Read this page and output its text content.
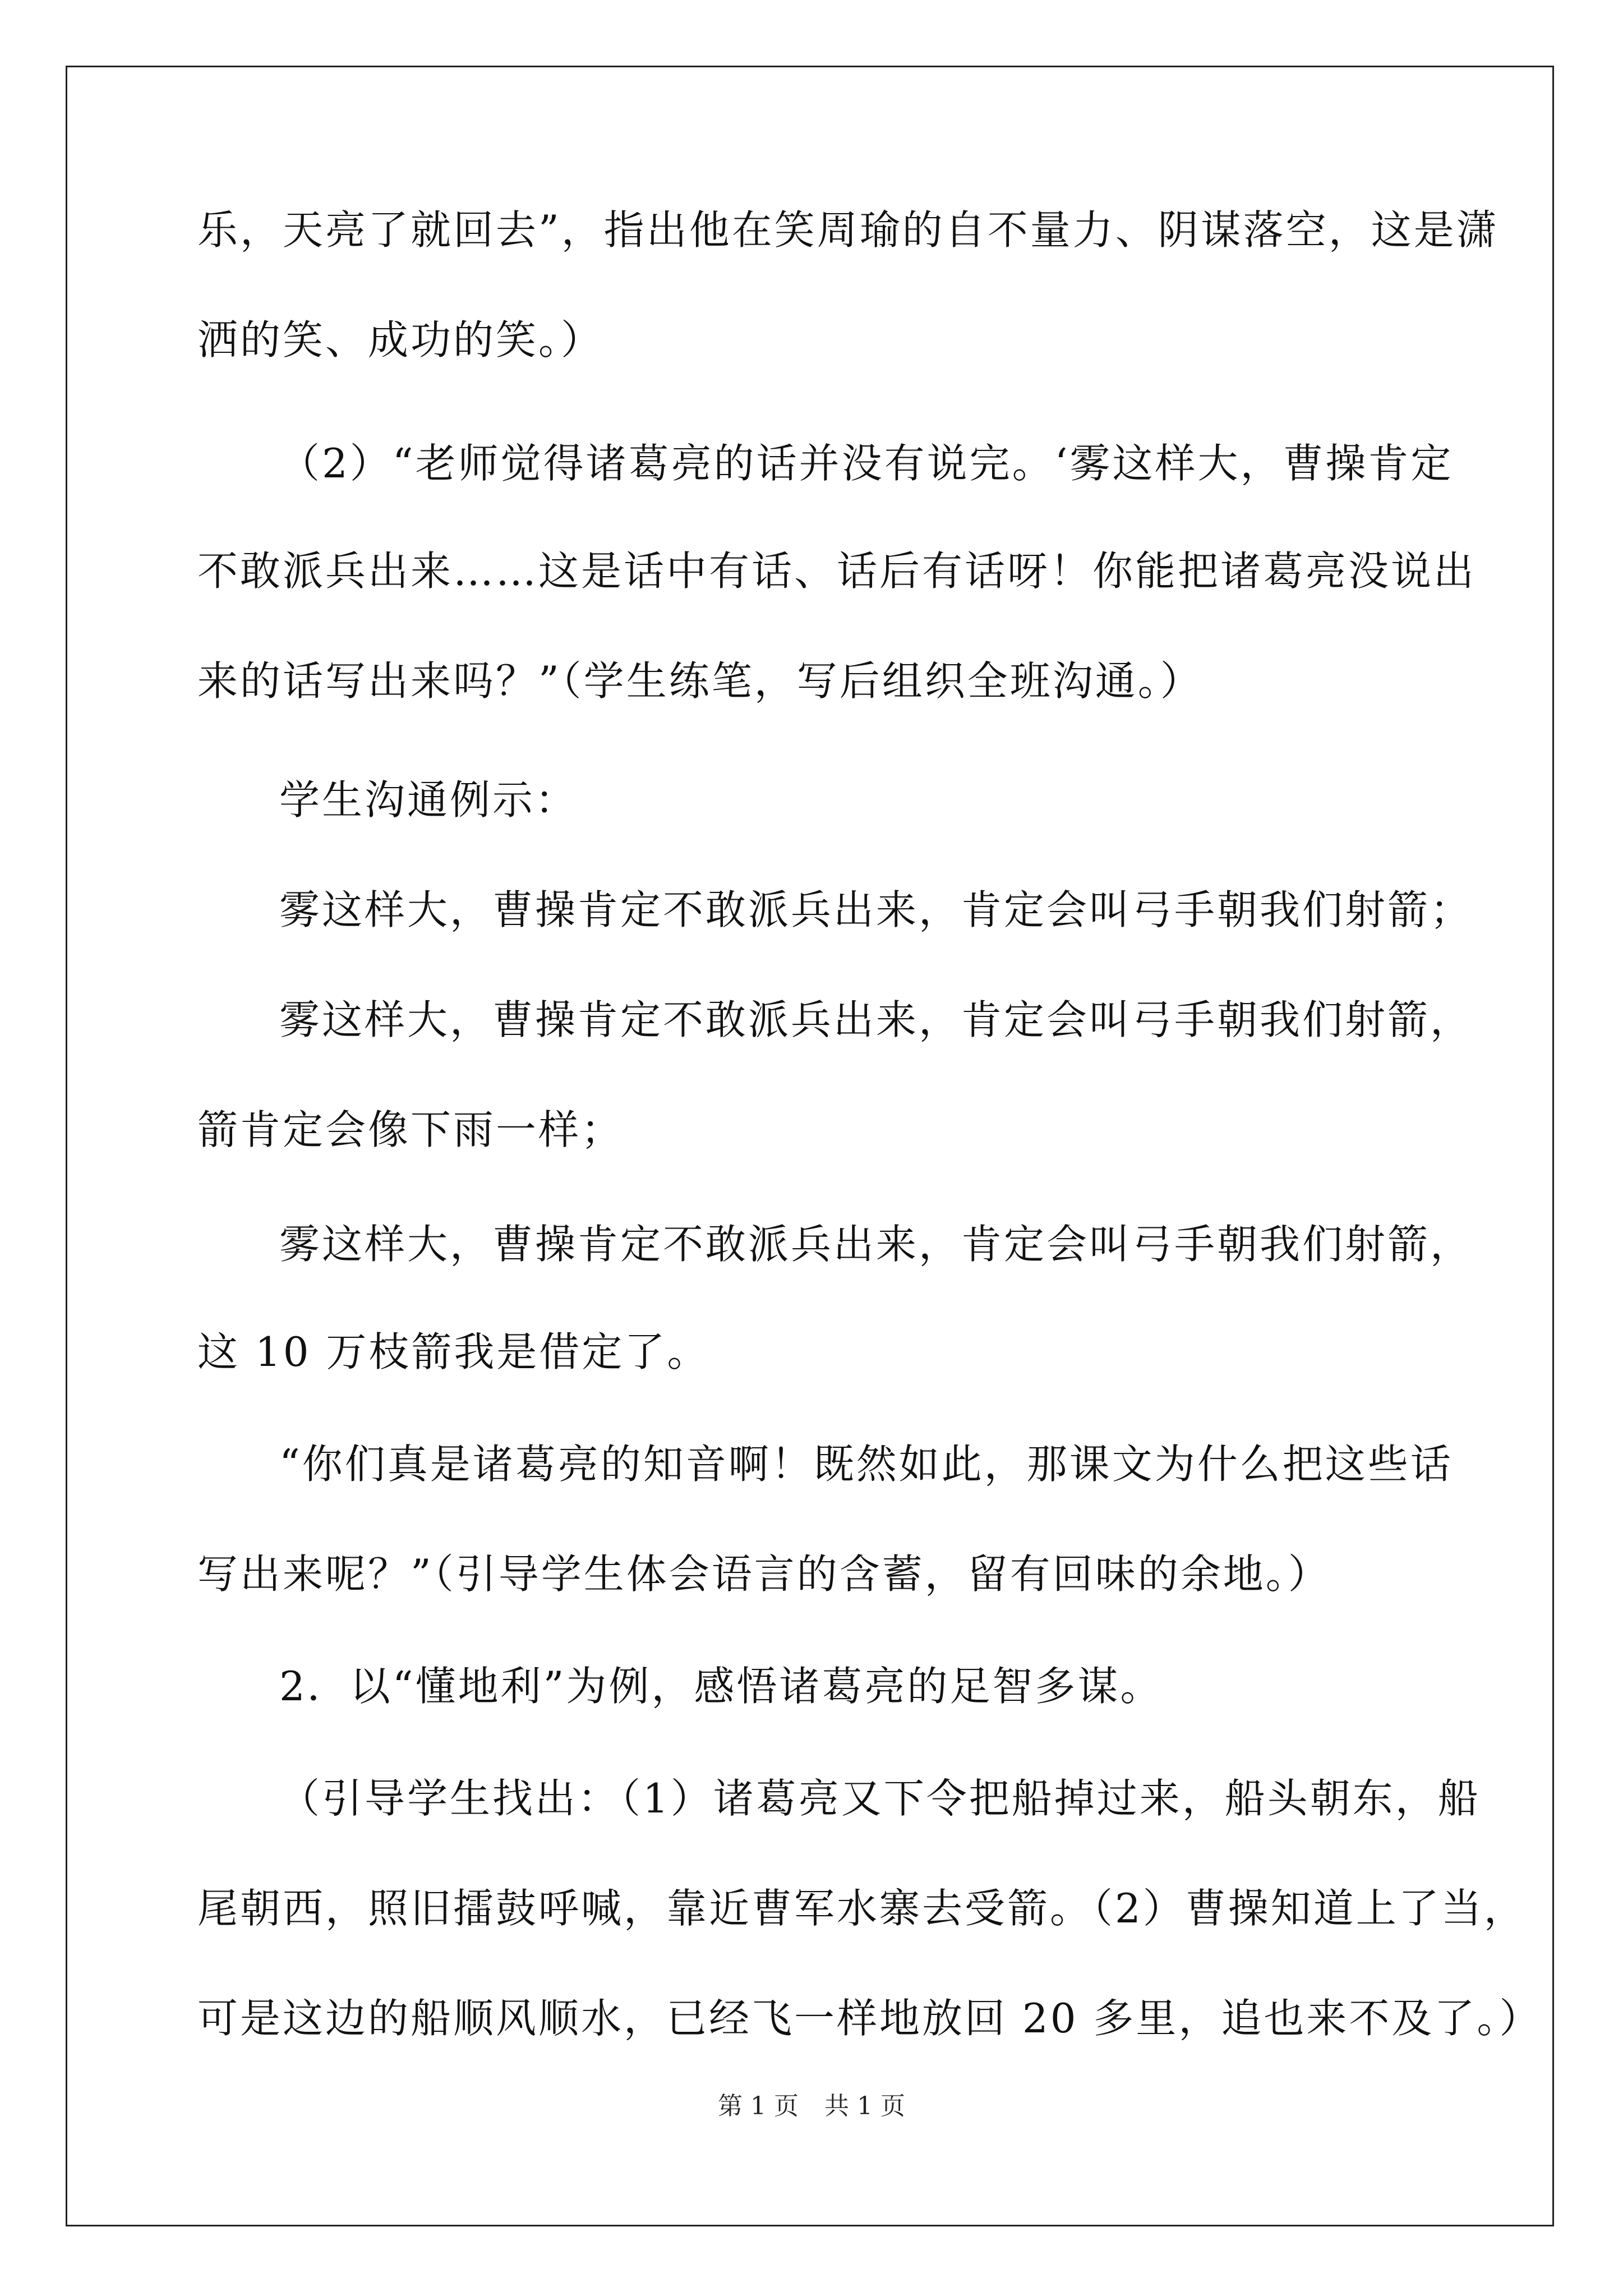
乐，天亮了就回去”，指出他在笑周瑜的自不量力、阴谋落空，这是潇
洒的笑、成功的笑。）
（2）“老师觉得诸葛亮的话并没有说完。‘雾这样大，曹操肯定
不敢派兵出来……这是话中有话、话后有话呀！你能把诸葛亮没说出
来的话写出来吗？”（学生练笔，写后组织全班沟通。）
学生沟通例示：
雾这样大，曹操肯定不敢派兵出来，肯定会叫弓手朝我们射箭；
雾这样大，曹操肯定不敢派兵出来，肯定会叫弓手朝我们射箭，
箭肯定会像下雨一样；
雾这样大，曹操肯定不敢派兵出来，肯定会叫弓手朝我们射箭，
这 10 万枝箭我是借定了。
“你们真是诸葛亮的知音啊！既然如此，那课文为什么把这些话
写出来呢？”（引导学生体会语言的含蓄，留有回味的余地。）
2．以“懂地利”为例，感悟诸葛亮的足智多谋。
（引导学生找出：（1）诸葛亮又下令把船掉过来，船头朝东，船
尾朝西，照旧擂鼓呼喊，靠近曹军水寨去受箭。（2）曹操知道上了当，
可是这边的船顺风顺水，已经飞一样地放回 20 多里，追也来不及了。）
第 1 页 共 1 页
